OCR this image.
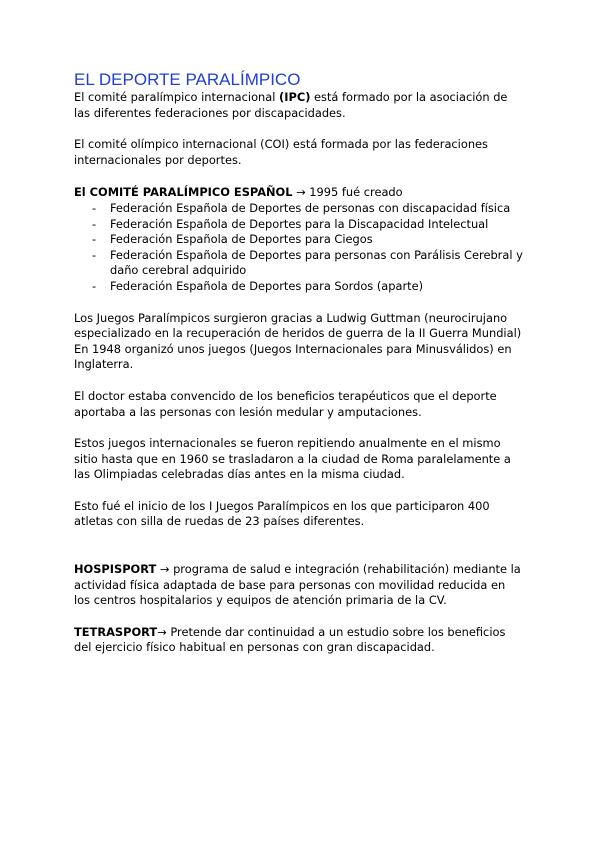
EL DEPORTE PARALÍMPICO

El comité paralímpico internacional (IPC) está formado por la asociación de las diferentes federaciones por discapacidades.

El comité olímpico internacional (COI) está formada por las federaciones internacionales por deportes.

El COMITÉ PARALÍMPICO ESPAÑOL → 1995 fué creado

- Federación Española de Deportes de personas con discapacidad física
- Federación Española de Deportes para la Discapacidad Intelectual
- Federación Española de Deportes para Ciegos
- Federación Española de Deportes para personas con Parálisis Cerebral y daño cerebral adquirido
- Federación Española de Deportes para Sordos (aparte)

Los Juegos Paralímpicos surgieron gracias a Ludwig Guttman (neurocirujano especializado en la recuperación de heridos de guerra de la II Guerra Mundial) En 1948 organizó unos juegos (Juegos Internacionales para Minusválidos) en Inglaterra.

El doctor estaba convencido de los beneficios terapéuticos que el deporte aportaba a las personas con lesión medular y amputaciones.

Estos juegos internacionales se fueron repitiendo anualmente en el mismo sitio hasta que en 1960 se trasladaron a la ciudad de Roma paralelamente a las Olimpiadas celebradas días antes en la misma ciudad.

Esto fué el inicio de los I Juegos Paralímpicos en los que participaron 400 atletas con silla de ruedas de 23 países diferentes.

HOSPISPORT → programa de salud e integración (rehabilitación) mediante la actividad física adaptada de base para personas con movilidad reducida en los centros hospitalarios y equipos de atención primaria de la CV.

TETRASPORT→ Pretende dar continuidad a un estudio sobre los beneficios del ejercicio físico habitual en personas con gran discapacidad.
